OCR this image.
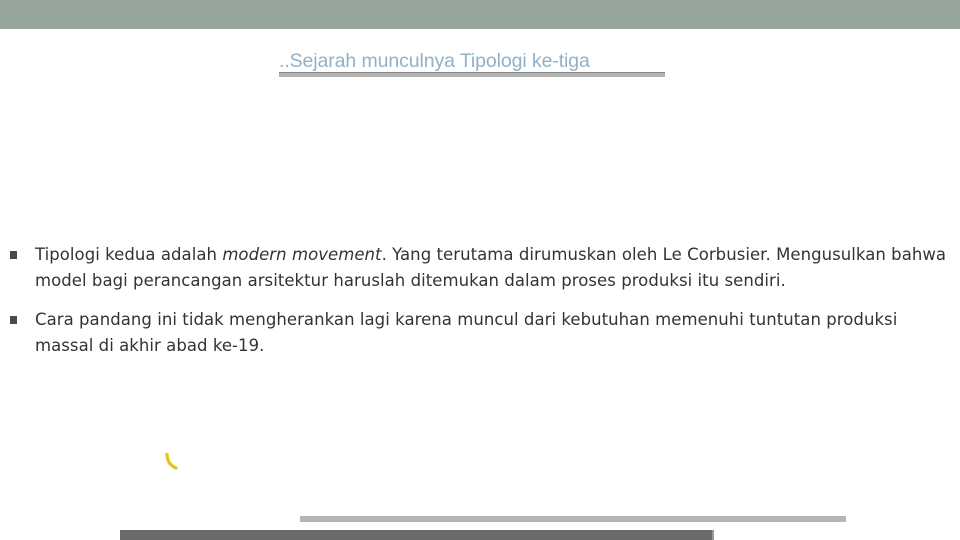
..Sejarah munculnya Tipologi ke-tiga
Tipologi kedua adalah modern movement. Yang terutama dirumuskan oleh Le Corbusier. Mengusulkan bahwa model bagi perancangan arsitektur haruslah ditemukan dalam proses produksi itu sendiri.
Cara pandang ini tidak mengherankan lagi karena muncul dari kebutuhan memenuhi tuntutan produksi massal di akhir abad ke-19.
